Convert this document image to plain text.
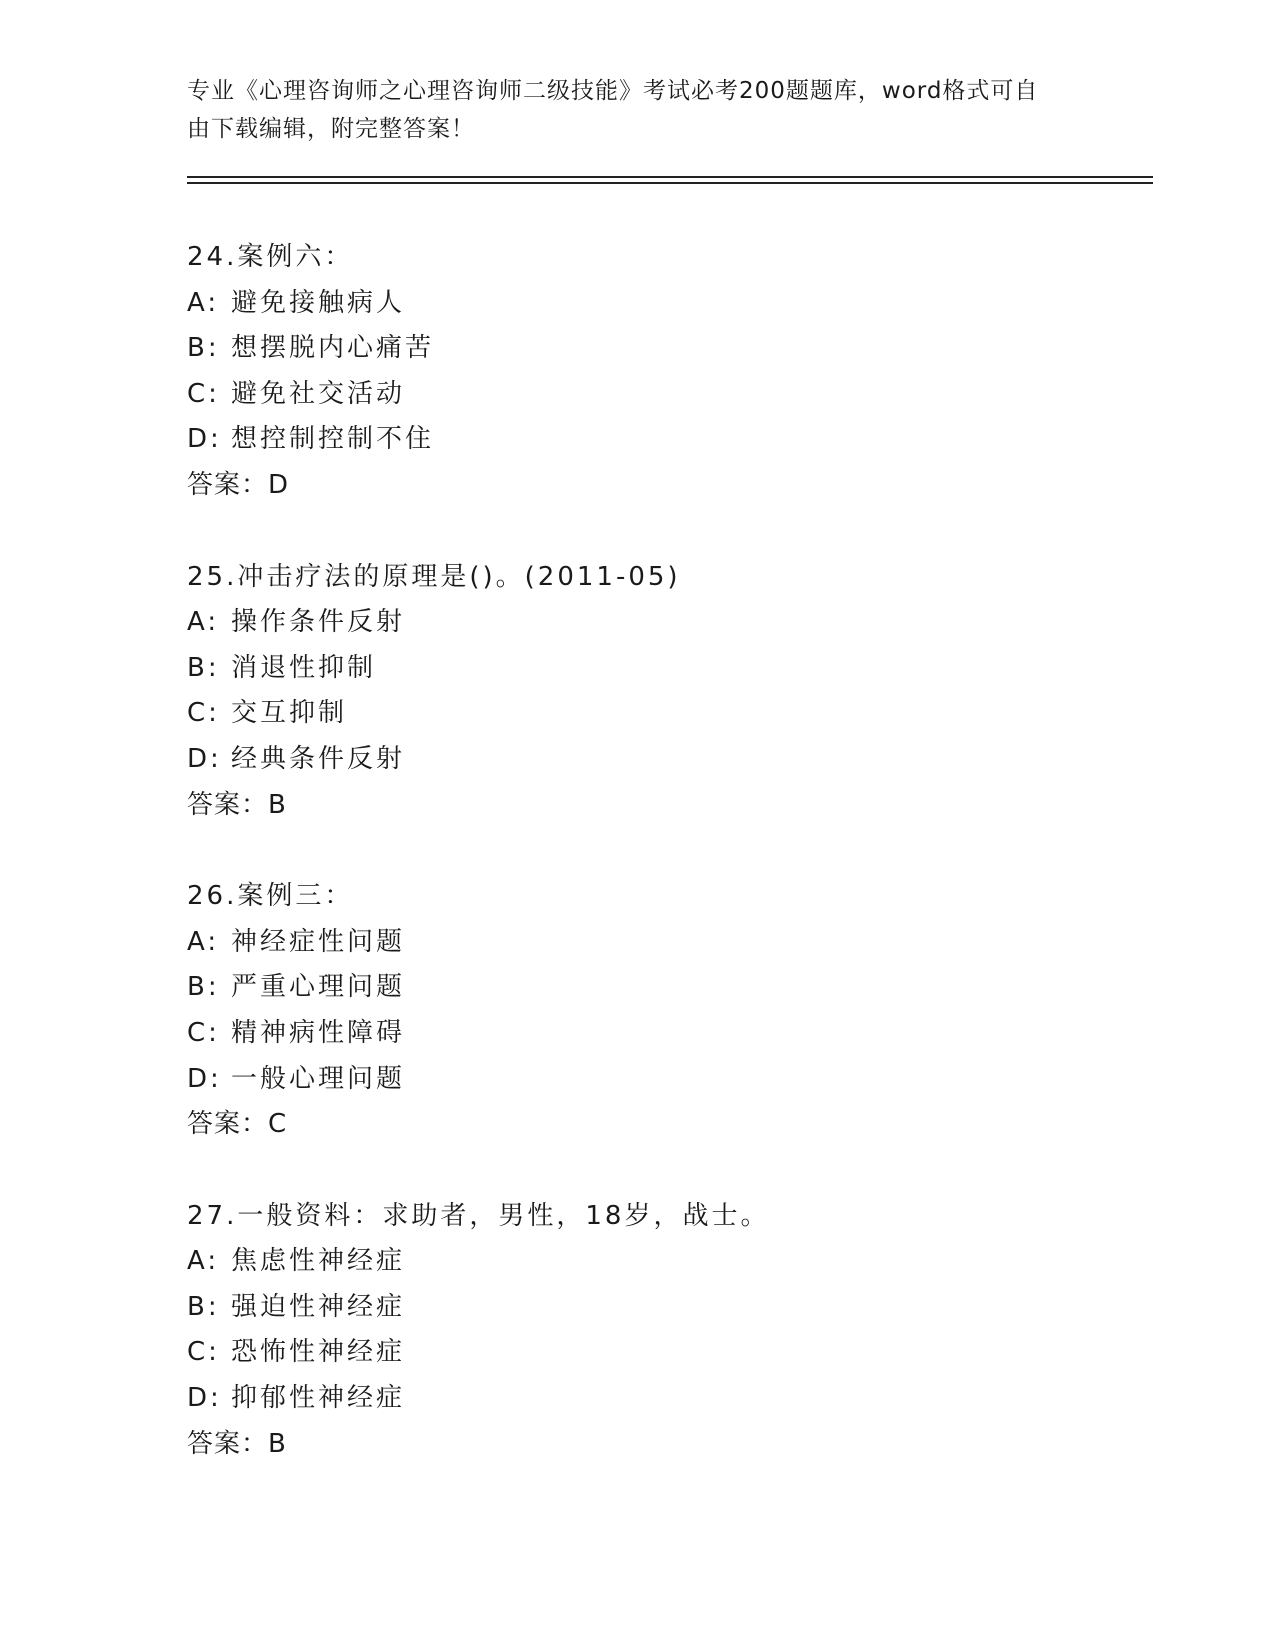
专业《心理咨询师之心理咨询师二级技能》考试必考200题题库，word格式可自
由下载编辑，附完整答案！
24.案例六：
A: 避免接触病人
B: 想摆脱内心痛苦
C: 避免社交活动
D: 想控制控制不住
答案：D
25.冲击疗法的原理是()。(2011-05)
A: 操作条件反射
B: 消退性抑制
C: 交互抑制
D: 经典条件反射
答案：B
26.案例三：
A: 神经症性问题
B: 严重心理问题
C: 精神病性障碍
D: 一般心理问题
答案：C
27.一般资料：求助者，男性，18岁，战士。
A: 焦虑性神经症
B: 强迫性神经症
C: 恐怖性神经症
D: 抑郁性神经症
答案：B
